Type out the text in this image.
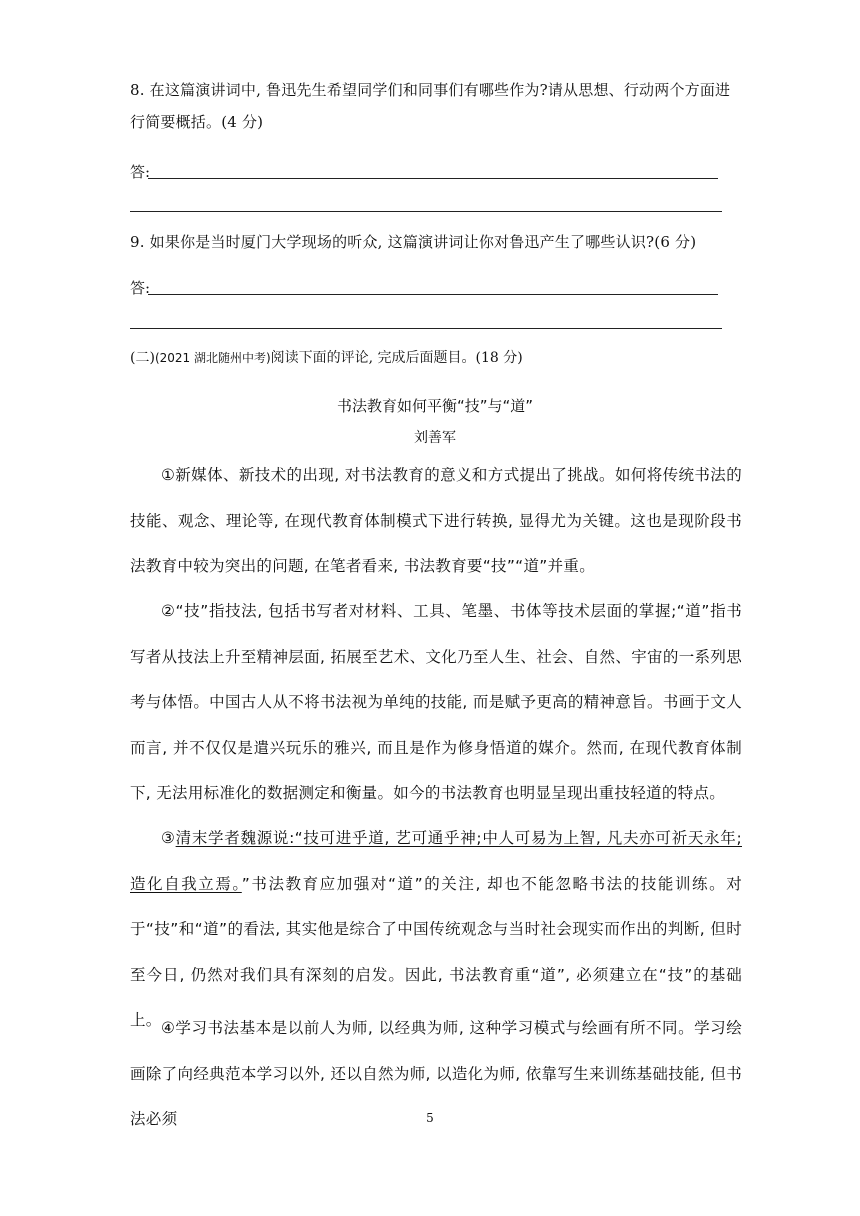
8. 在这篇演讲词中, 鲁迅先生希望同学们和同事们有哪些作为?请从思想、行动两个方面进行简要概括。(4 分)
答:
9. 如果你是当时厦门大学现场的听众, 这篇演讲词让你对鲁迅产生了哪些认识?(6 分)
答:
(二)(2021 湖北随州中考)阅读下面的评论, 完成后面题目。(18 分)
书法教育如何平衡“技”与“道”
刘善军
①新媒体、新技术的出现, 对书法教育的意义和方式提出了挑战。如何将传统书法的技能、观念、理论等, 在现代教育体制模式下进行转换, 显得尤为关键。这也是现阶段书法教育中较为突出的问题, 在笔者看来, 书法教育要“技”“道”并重。
②“技”指技法, 包括书写者对材料、工具、笔墨、书体等技术层面的掌握;“道”指书写者从技法上升至精神层面, 拓展至艺术、文化乃至人生、社会、自然、宇宙的一系列思考与体悟。中国古人从不将书法视为单纯的技能, 而是赋予更高的精神意旨。书画于文人而言, 并不仅仅是遣兴玩乐的雅兴, 而且是作为修身悟道的媒介。然而, 在现代教育体制下, 无法用标准化的数据测定和衡量。如今的书法教育也明显呈现出重技轻道的特点。
③清末学者魏源说:“技可进乎道, 艺可通乎神;中人可易为上智, 凡夫亦可祈天永年;造化自我立焉。”书法教育应加强对“道”的关注, 却也不能忽略书法的技能训练。对于“技”和“道”的看法, 其实他是综合了中国传统观念与当时社会现实而作出的判断, 但时至今日, 仍然对我们具有深刻的启发。因此, 书法教育重“道”, 必须建立在“技”的基础上。 ④学习书法基本是以前人为师, 以经典为师, 这种学习模式与绘画有所不同。学习绘画除了向经典范本学习以外, 还以自然为师, 以造化为师, 依靠写生来训练基础技能, 但书法必须	5
